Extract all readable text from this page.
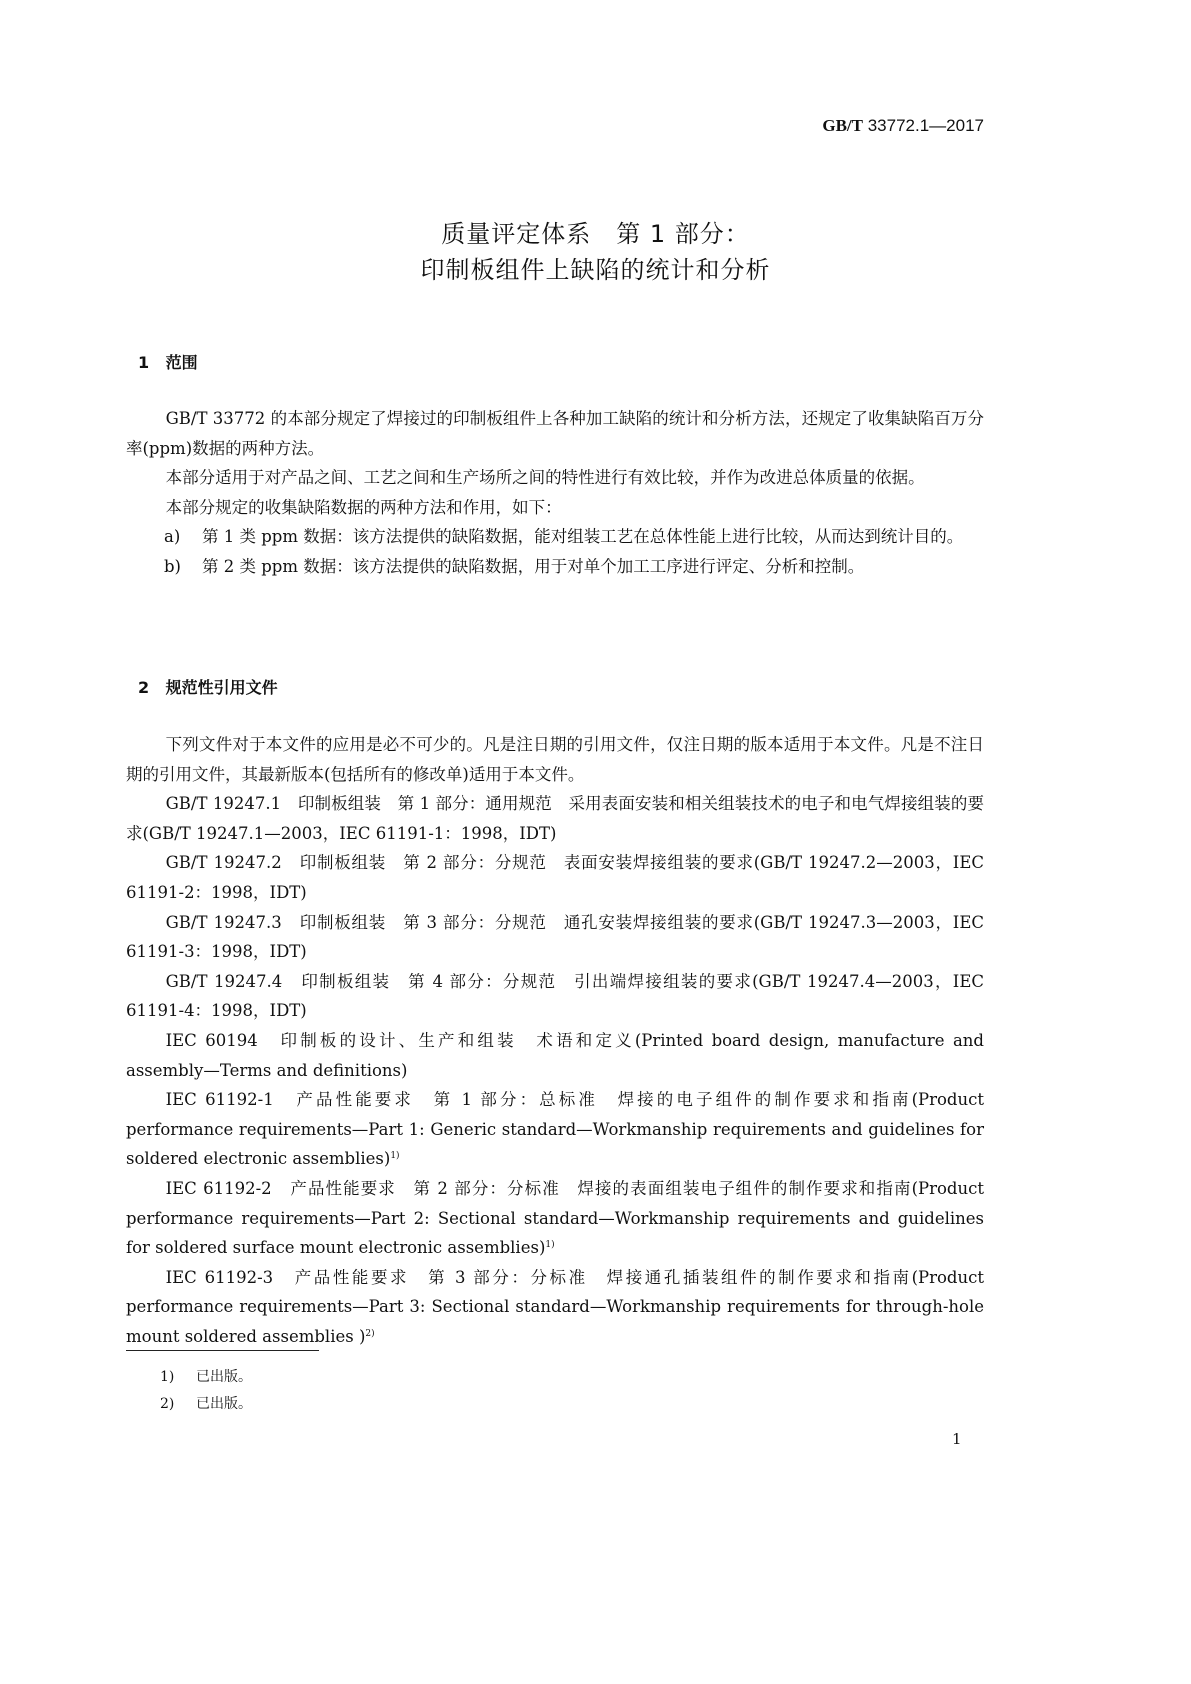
GB/T 33772.1—2017
质量评定体系　第 1 部分：
印制板组件上缺陷的统计和分析
1 范围

GB/T 33772 的本部分规定了焊接过的印制板组件上各种加工缺陷的统计和分析方法，还规定了收集缺陷百万分率(ppm)数据的两种方法。

本部分适用于对产品之间、工艺之间和生产场所之间的特性进行有效比较，并作为改进总体质量的依据。

本部分规定的收集缺陷数据的两种方法和作用，如下：

a)	第 1 类 ppm 数据：该方法提供的缺陷数据，能对组装工艺在总体性能上进行比较，从而达到统计目的。
b)	第 2 类 ppm 数据：该方法提供的缺陷数据，用于对单个加工工序进行评定、分析和控制。
2 规范性引用文件

下列文件对于本文件的应用是必不可少的。凡是注日期的引用文件，仅注日期的版本适用于本文件。凡是不注日期的引用文件，其最新版本(包括所有的修改单)适用于本文件。

GB/T 19247.1　印制板组装　第 1 部分：通用规范　采用表面安装和相关组装技术的电子和电气焊接组装的要求(GB/T 19247.1—2003，IEC 61191-1：1998，IDT)

GB/T 19247.2　印制板组装　第 2 部分：分规范　表面安装焊接组装的要求(GB/T 19247.2—2003，IEC 61191-2：1998，IDT)

GB/T 19247.3　印制板组装　第 3 部分：分规范　通孔安装焊接组装的要求(GB/T 19247.3—2003，IEC 61191-3：1998，IDT)

GB/T 19247.4　印制板组装　第 4 部分：分规范　引出端焊接组装的要求(GB/T 19247.4—2003，IEC 61191-4：1998，IDT)

IEC 60194　印制板的设计、生产和组装　术语和定义(Printed board design, manufacture and assembly—Terms and definitions)

IEC 61192-1　产品性能要求　第 1 部分：总标准　焊接的电子组件的制作要求和指南(Product performance requirements—Part 1: Generic standard—Workmanship requirements and guidelines for soldered electronic assemblies)$^{1)}$

IEC 61192-2　产品性能要求　第 2 部分：分标准　焊接的表面组装电子组件的制作要求和指南(Product performance requirements—Part 2: Sectional standard—Workmanship requirements and guidelines for soldered surface mount electronic assemblies)$^{1)}$

IEC 61192-3　产品性能要求　第 3 部分：分标准　焊接通孔插装组件的制作要求和指南(Product performance requirements—Part 3: Sectional standard—Workmanship requirements for through-hole mount soldered assemblies )$^{2)}$

1) 已出版。
2) 已出版。
1
